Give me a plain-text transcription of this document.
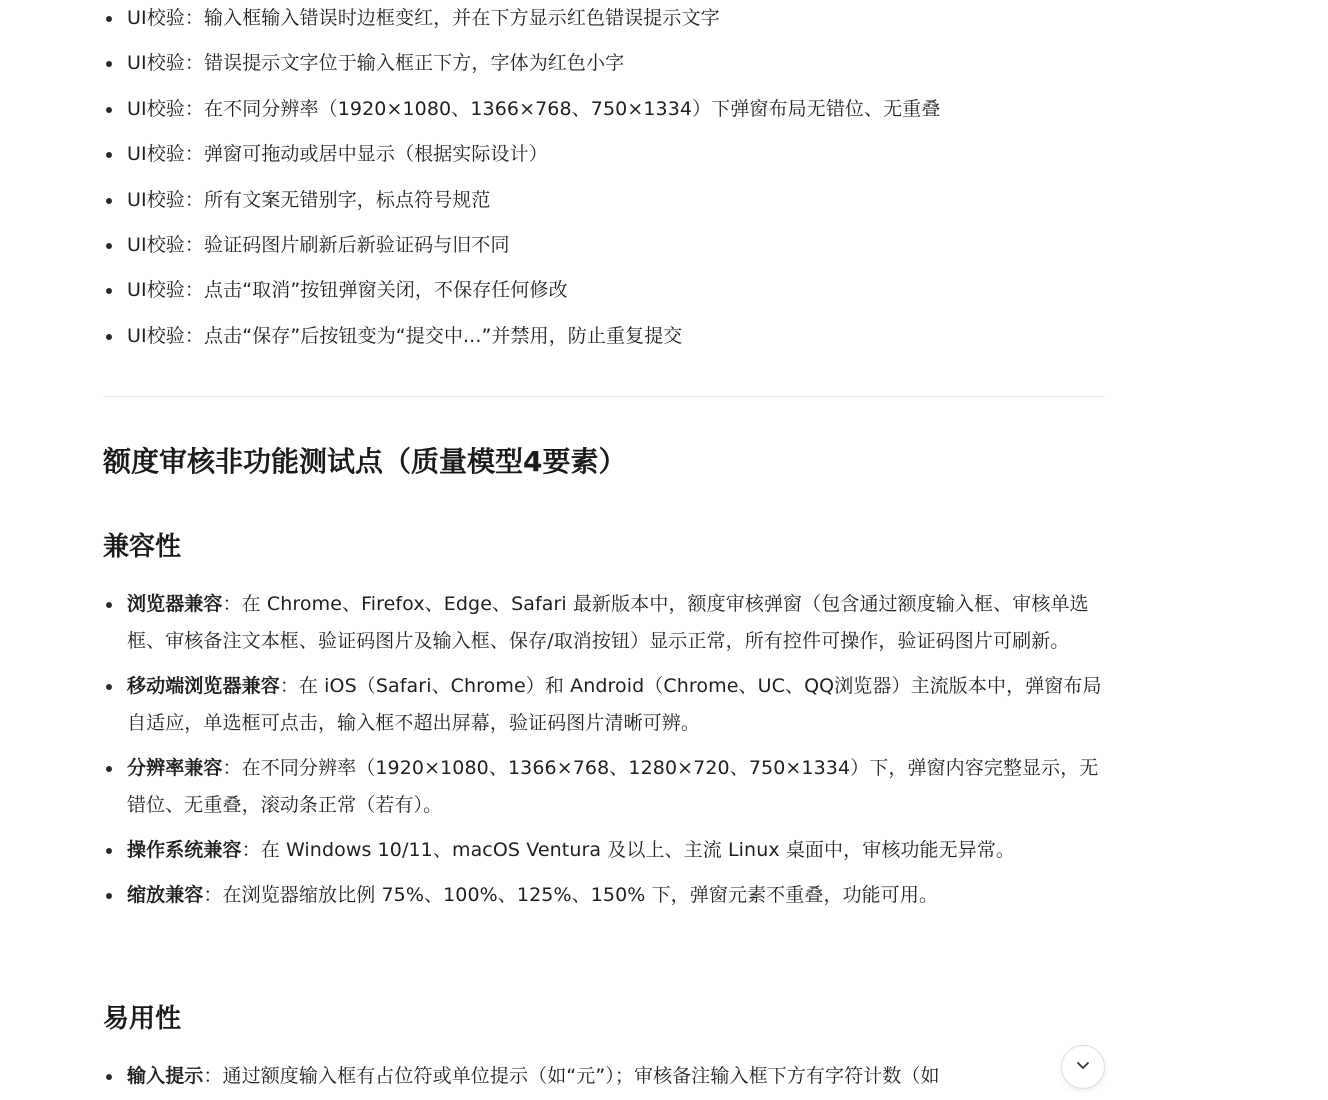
UI校验：输入框输入错误时边框变红，并在下方显示红色错误提示文字
UI校验：错误提示文字位于输入框正下方，字体为红色小字
UI校验：在不同分辨率（1920×1080、1366×768、750×1334）下弹窗布局无错位、无重叠
UI校验：弹窗可拖动或居中显示（根据实际设计）
UI校验：所有文案无错别字，标点符号规范
UI校验：验证码图片刷新后新验证码与旧不同
UI校验：点击“取消”按钮弹窗关闭，不保存任何修改
UI校验：点击“保存”后按钮变为“提交中...”并禁用，防止重复提交
额度审核非功能测试点（质量模型4要素）
兼容性
浏览器兼容：在 Chrome、Firefox、Edge、Safari 最新版本中，额度审核弹窗（包含通过额度输入框、审核单选框、审核备注文本框、验证码图片及输入框、保存/取消按钮）显示正常，所有控件可操作，验证码图片可刷新。
移动端浏览器兼容：在 iOS（Safari、Chrome）和 Android（Chrome、UC、QQ浏览器）主流版本中，弹窗布局自适应，单选框可点击，输入框不超出屏幕，验证码图片清晰可辨。
分辨率兼容：在不同分辨率（1920×1080、1366×768、1280×720、750×1334）下，弹窗内容完整显示，无错位、无重叠，滚动条正常（若有）。
操作系统兼容：在 Windows 10/11、macOS Ventura 及以上、主流 Linux 桌面中，审核功能无异常。
缩放兼容：在浏览器缩放比例 75%、100%、125%、150% 下，弹窗元素不重叠，功能可用。
易用性
输入提示：通过额度输入框有占位符或单位提示（如“元”）；审核备注输入框下方有字符计数（如
